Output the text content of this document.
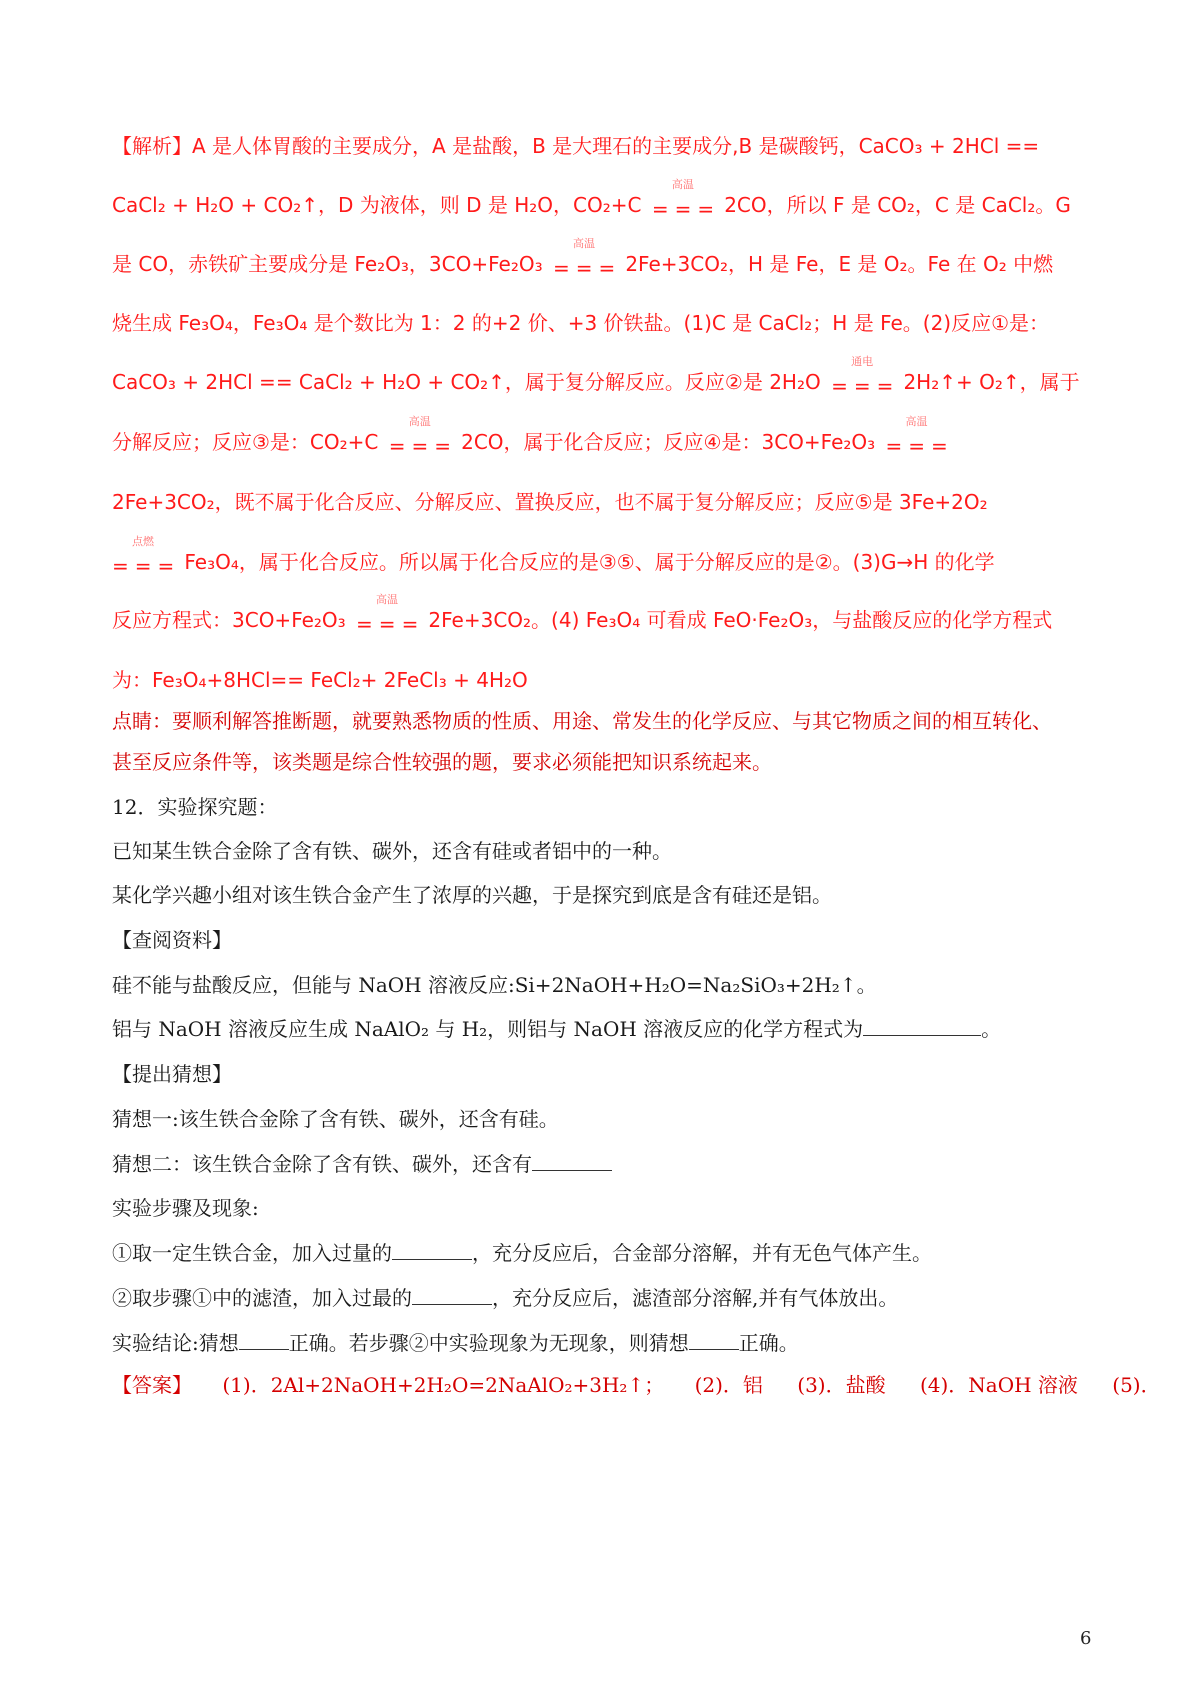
【解析】A 是人体胃酸的主要成分，A 是盐酸，B 是大理石的主要成分,B 是碳酸钙，CaCO₃ + 2HCl ==
CaCl₂ + H₂O + CO₂↑，D 为液体，则 D 是 H₂O，CO₂+C
高温
=== 2CO，所以 F 是 CO₂，C 是 CaCl₂。G
是 CO，赤铁矿主要成分是 Fe₂O₃，3CO+Fe₂O₃
高温
=== 2Fe+3CO₂，H 是 Fe，E 是 O₂。Fe 在 O₂ 中燃
烧生成 Fe₃O₄，Fe₃O₄ 是个数比为 1：2 的+2 价、+3 价铁盐。(1)C 是 CaCl₂；H 是 Fe。(2)反应①是：
CaCO₃ + 2HCl == CaCl₂ + H₂O + CO₂↑，属于复分解反应。反应②是 2H₂O
通电
=== 2H₂↑+ O₂↑，属于
分解反应；反应③是：CO₂+C
高温
=== 2CO，属于化合反应；反应④是：3CO+Fe₂O₃
高温
===
2Fe+3CO₂，既不属于化合反应、分解反应、置换反应，也不属于复分解反应；反应⑤是 3Fe+2O₂
点燃
=== Fe₃O₄，属于化合反应。所以属于化合反应的是③⑤、属于分解反应的是②。(3)G→H 的化学
反应方程式：3CO+Fe₂O₃
高温
=== 2Fe+3CO₂。(4) Fe₃O₄ 可看成 FeO·Fe₂O₃，与盐酸反应的化学方程式
为：Fe₃O₄+8HCl== FeCl₂+ 2FeCl₃ + 4H₂O
点睛：要顺利解答推断题，就要熟悉物质的性质、用途、常发生的化学反应、与其它物质之间的相互转化、
甚至反应条件等，该类题是综合性较强的题，要求必须能把知识系统起来。
12．实验探究题：
已知某生铁合金除了含有铁、碳外，还含有硅或者铝中的一种。
某化学兴趣小组对该生铁合金产生了浓厚的兴趣，于是探究到底是含有硅还是铝。
【查阅资料】
硅不能与盐酸反应，但能与 NaOH 溶液反应:Si+2NaOH+H₂O=Na₂SiO₃+2H₂↑。
铝与 NaOH 溶液反应生成 NaAlO₂ 与 H₂，则铝与 NaOH 溶液反应的化学方程式为	。
【提出猜想】
猜想一:该生铁合金除了含有铁、碳外，还含有硅。
猜想二：该生铁合金除了含有铁、碳外，还含有
实验步骤及现象:
①取一定生铁合金，加入过量的	，充分反应后，合金部分溶解，并有无色气体产生。
②取步骤①中的滤渣，加入过最的	，充分反应后，滤渣部分溶解,并有气体放出。
实验结论:猜想	正确。若步骤②中实验现象为无现象，则猜想	正确。
【答案】 (1)．2Al+2NaOH+2H₂O=2NaAlO₂+3H₂↑； (2)．铝 (3)．盐酸 (4)．NaOH 溶液 (5)．
6
